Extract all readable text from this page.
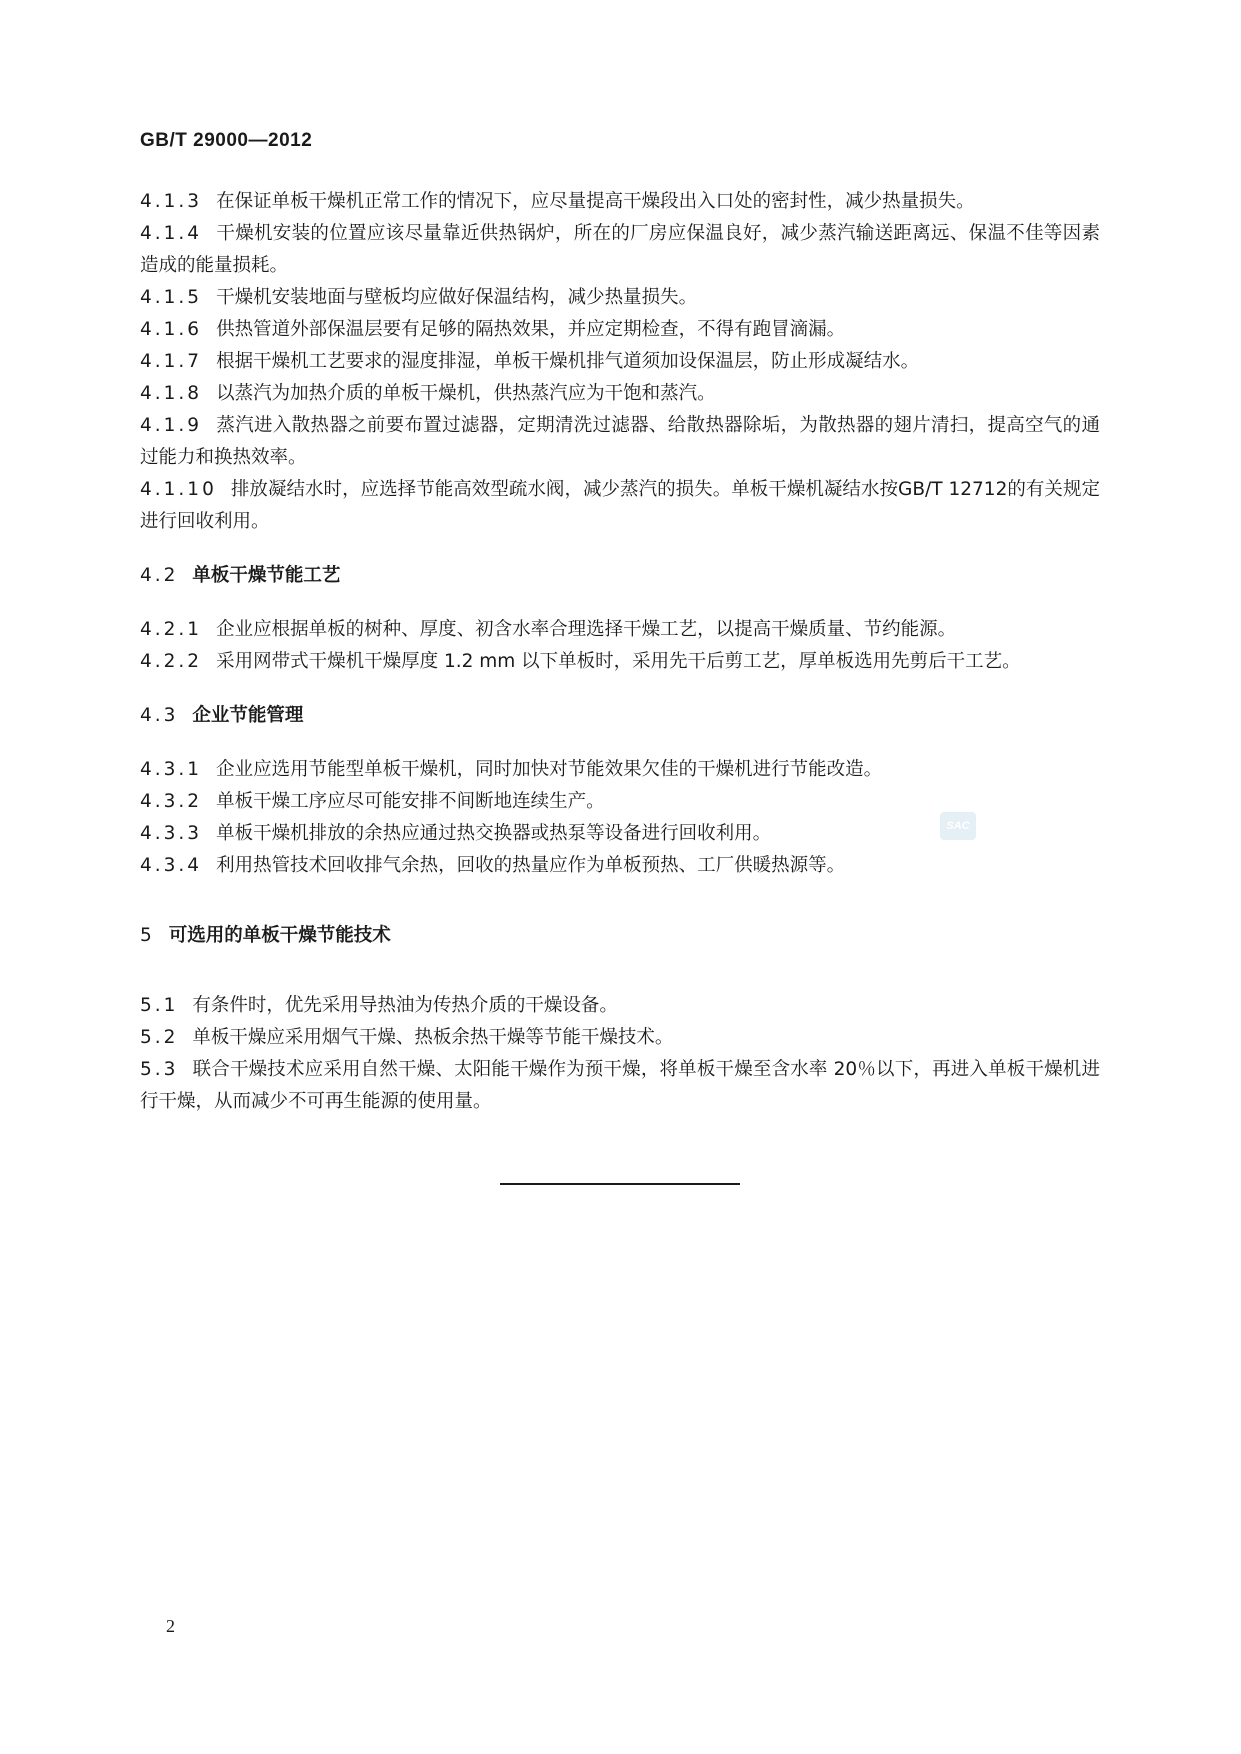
GB/T 29000—2012

4.1.3 在保证单板干燥机正常工作的情况下，应尽量提高干燥段出入口处的密封性，减少热量损失。

4.1.4 干燥机安装的位置应该尽量靠近供热锅炉，所在的厂房应保温良好，减少蒸汽输送距离远、保温不佳等因素造成的能量损耗。

4.1.5 干燥机安装地面与壁板均应做好保温结构，减少热量损失。

4.1.6 供热管道外部保温层要有足够的隔热效果，并应定期检查，不得有跑冒滴漏。

4.1.7 根据干燥机工艺要求的湿度排湿，单板干燥机排气道须加设保温层，防止形成凝结水。

4.1.8 以蒸汽为加热介质的单板干燥机，供热蒸汽应为干饱和蒸汽。

4.1.9 蒸汽进入散热器之前要布置过滤器，定期清洗过滤器、给散热器除垢，为散热器的翅片清扫，提高空气的通过能力和换热效率。

4.1.10 排放凝结水时，应选择节能高效型疏水阀，减少蒸汽的损失。单板干燥机凝结水按GB/T 12712的有关规定进行回收利用。

4.2 单板干燥节能工艺

4.2.1 企业应根据单板的树种、厚度、初含水率合理选择干燥工艺，以提高干燥质量、节约能源。

4.2.2 采用网带式干燥机干燥厚度 1.2 mm 以下单板时，采用先干后剪工艺，厚单板选用先剪后干工艺。

4.3 企业节能管理

4.3.1 企业应选用节能型单板干燥机，同时加快对节能效果欠佳的干燥机进行节能改造。

4.3.2 单板干燥工序应尽可能安排不间断地连续生产。

4.3.3 单板干燥机排放的余热应通过热交换器或热泵等设备进行回收利用。

4.3.4 利用热管技术回收排气余热，回收的热量应作为单板预热、工厂供暖热源等。

5 可选用的单板干燥节能技术

5.1 有条件时，优先采用导热油为传热介质的干燥设备。

5.2 单板干燥应采用烟气干燥、热板余热干燥等节能干燥技术。

5.3 联合干燥技术应采用自然干燥、太阳能干燥作为预干燥，将单板干燥至含水率 20％以下，再进入单板干燥机进行干燥，从而减少不可再生能源的使用量。

SAC
2
